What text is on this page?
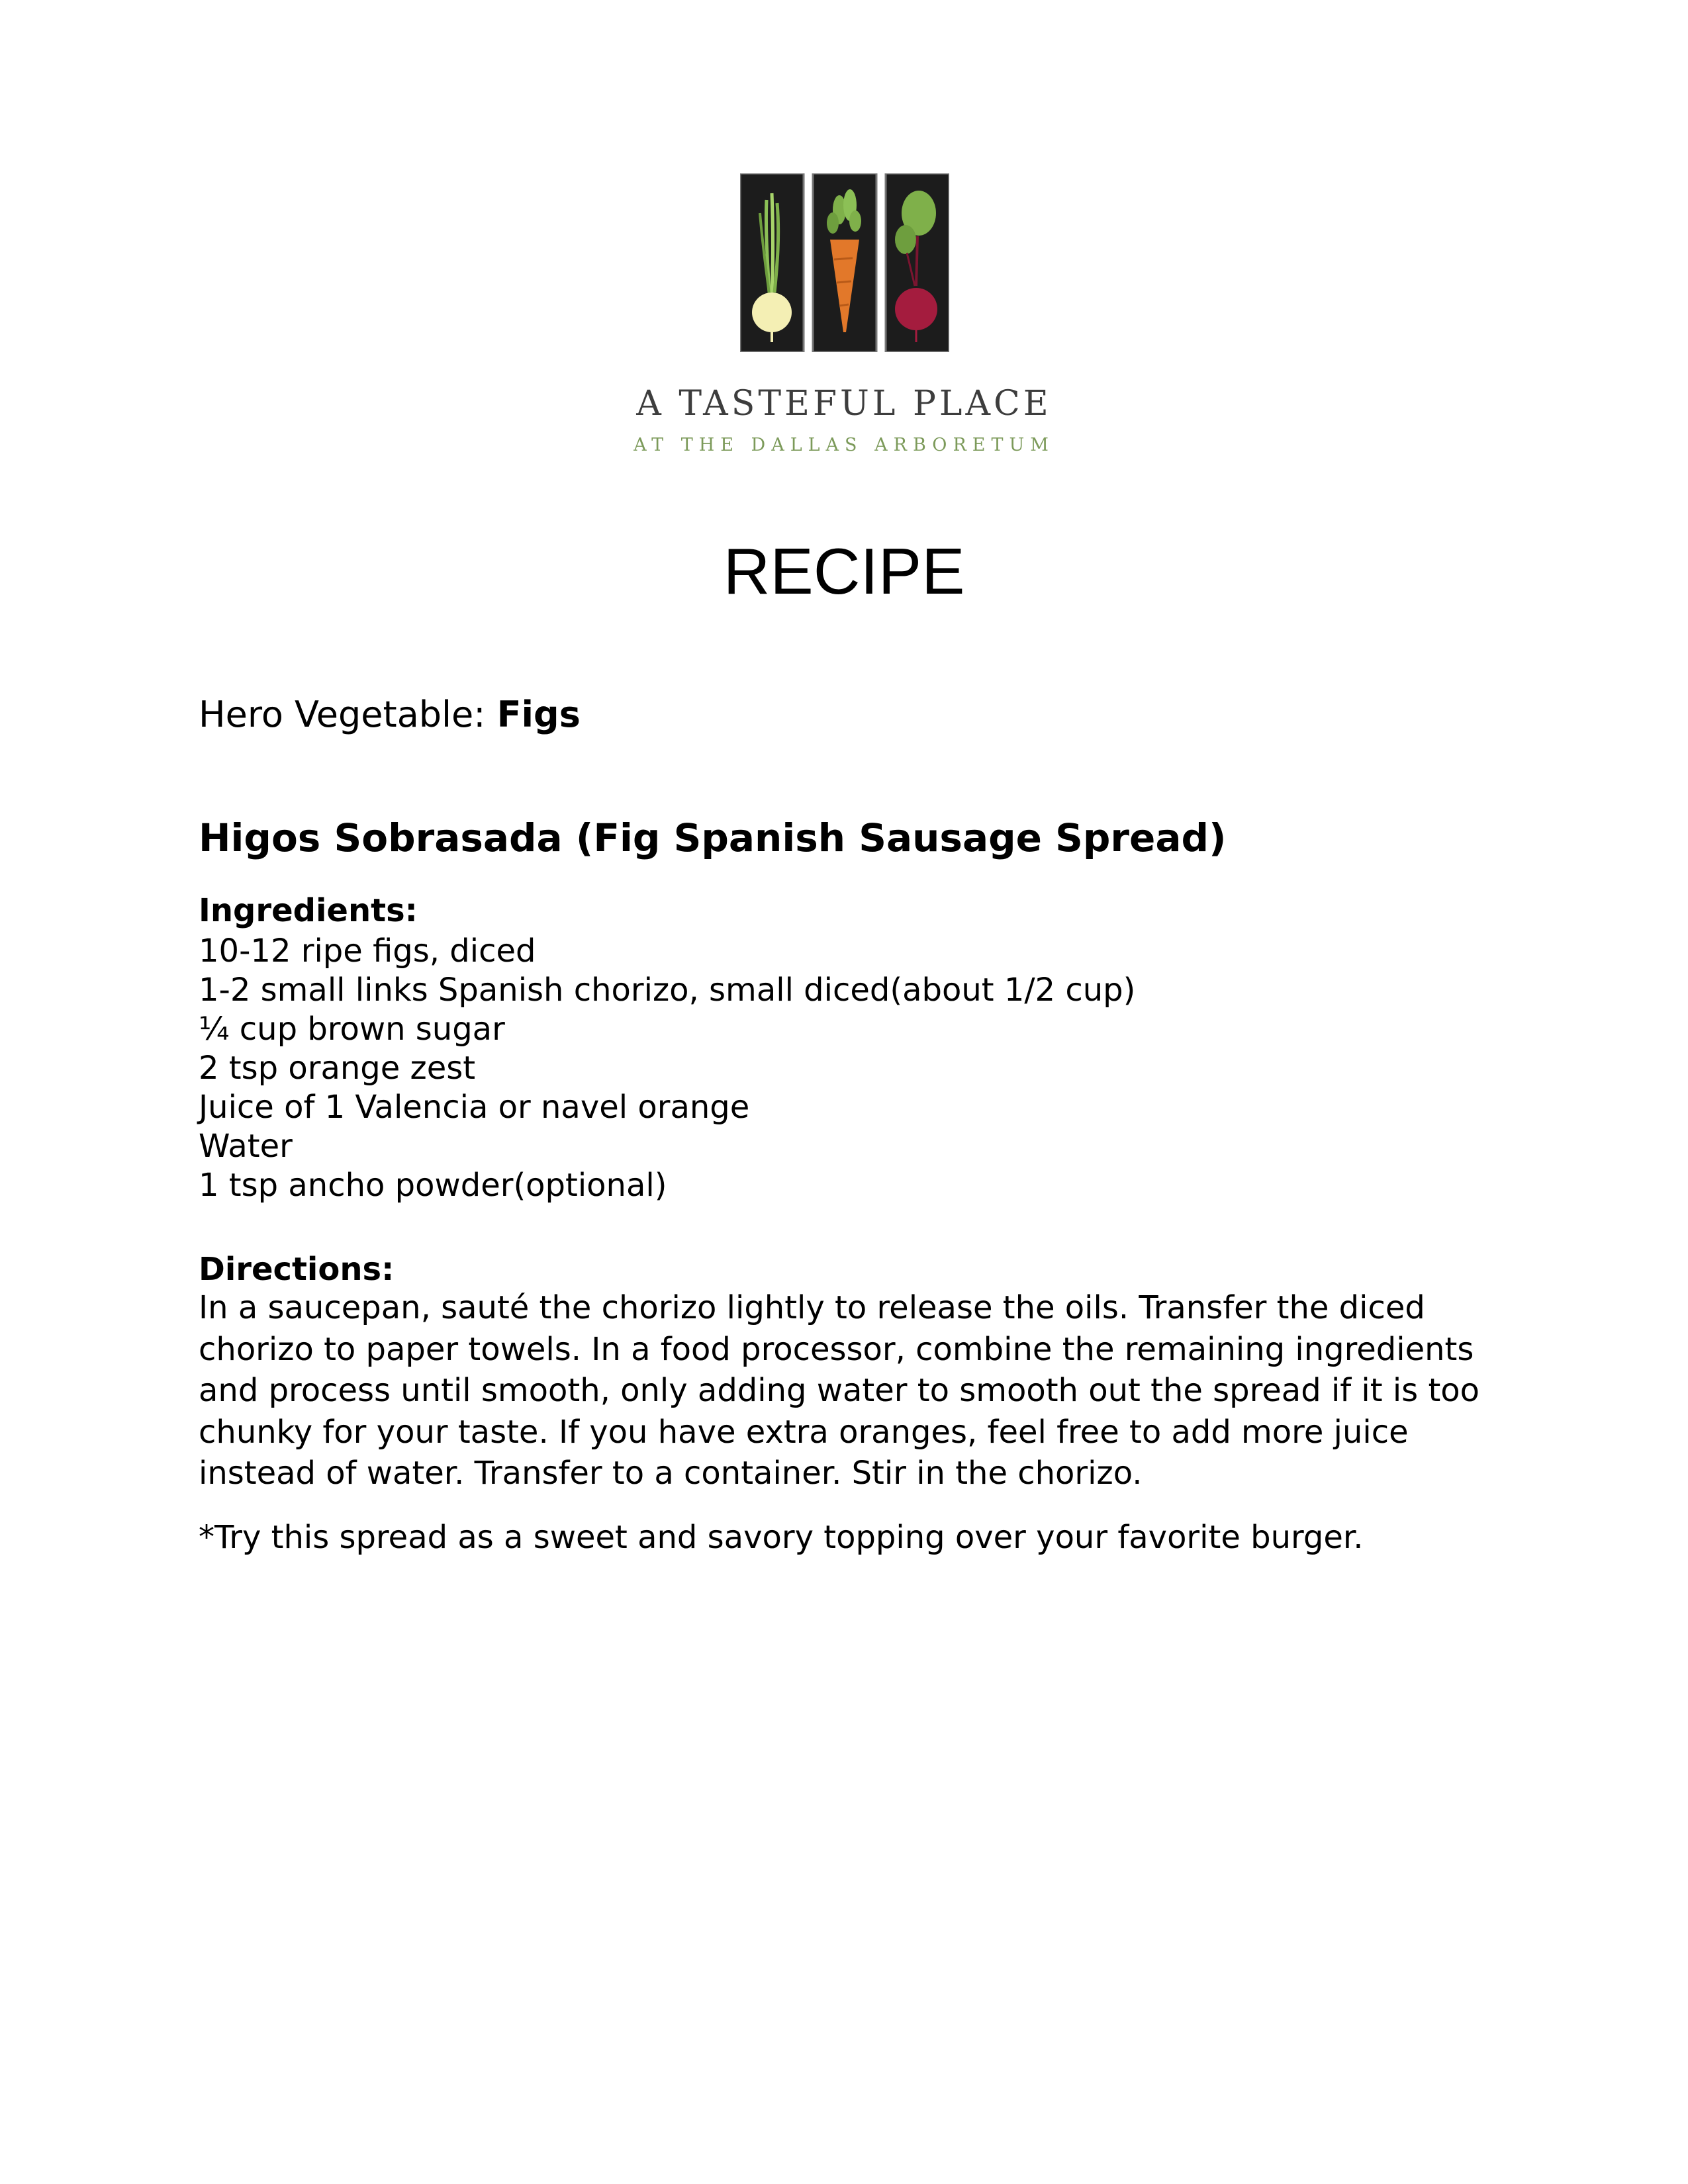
A TASTEFUL PLACE
AT THE DALLAS ARBORETUM
RECIPE
Hero Vegetable: Figs
Higos Sobrasada (Fig Spanish Sausage Spread)
Ingredients:
10-12 ripe figs, diced
1-2 small links Spanish chorizo, small diced(about 1/2 cup)
¼ cup brown sugar
2 tsp orange zest
Juice of 1 Valencia or navel orange
Water
1 tsp ancho powder(optional)
Directions:

In a saucepan, sauté the chorizo lightly to release the oils. Transfer the diced chorizo to paper towels. In a food processor, combine the remaining ingredients and process until smooth, only adding water to smooth out the spread if it is too chunky for your taste. If you have extra oranges, feel free to add more juice instead of water. Transfer to a container. Stir in the chorizo.

*Try this spread as a sweet and savory topping over your favorite burger.
